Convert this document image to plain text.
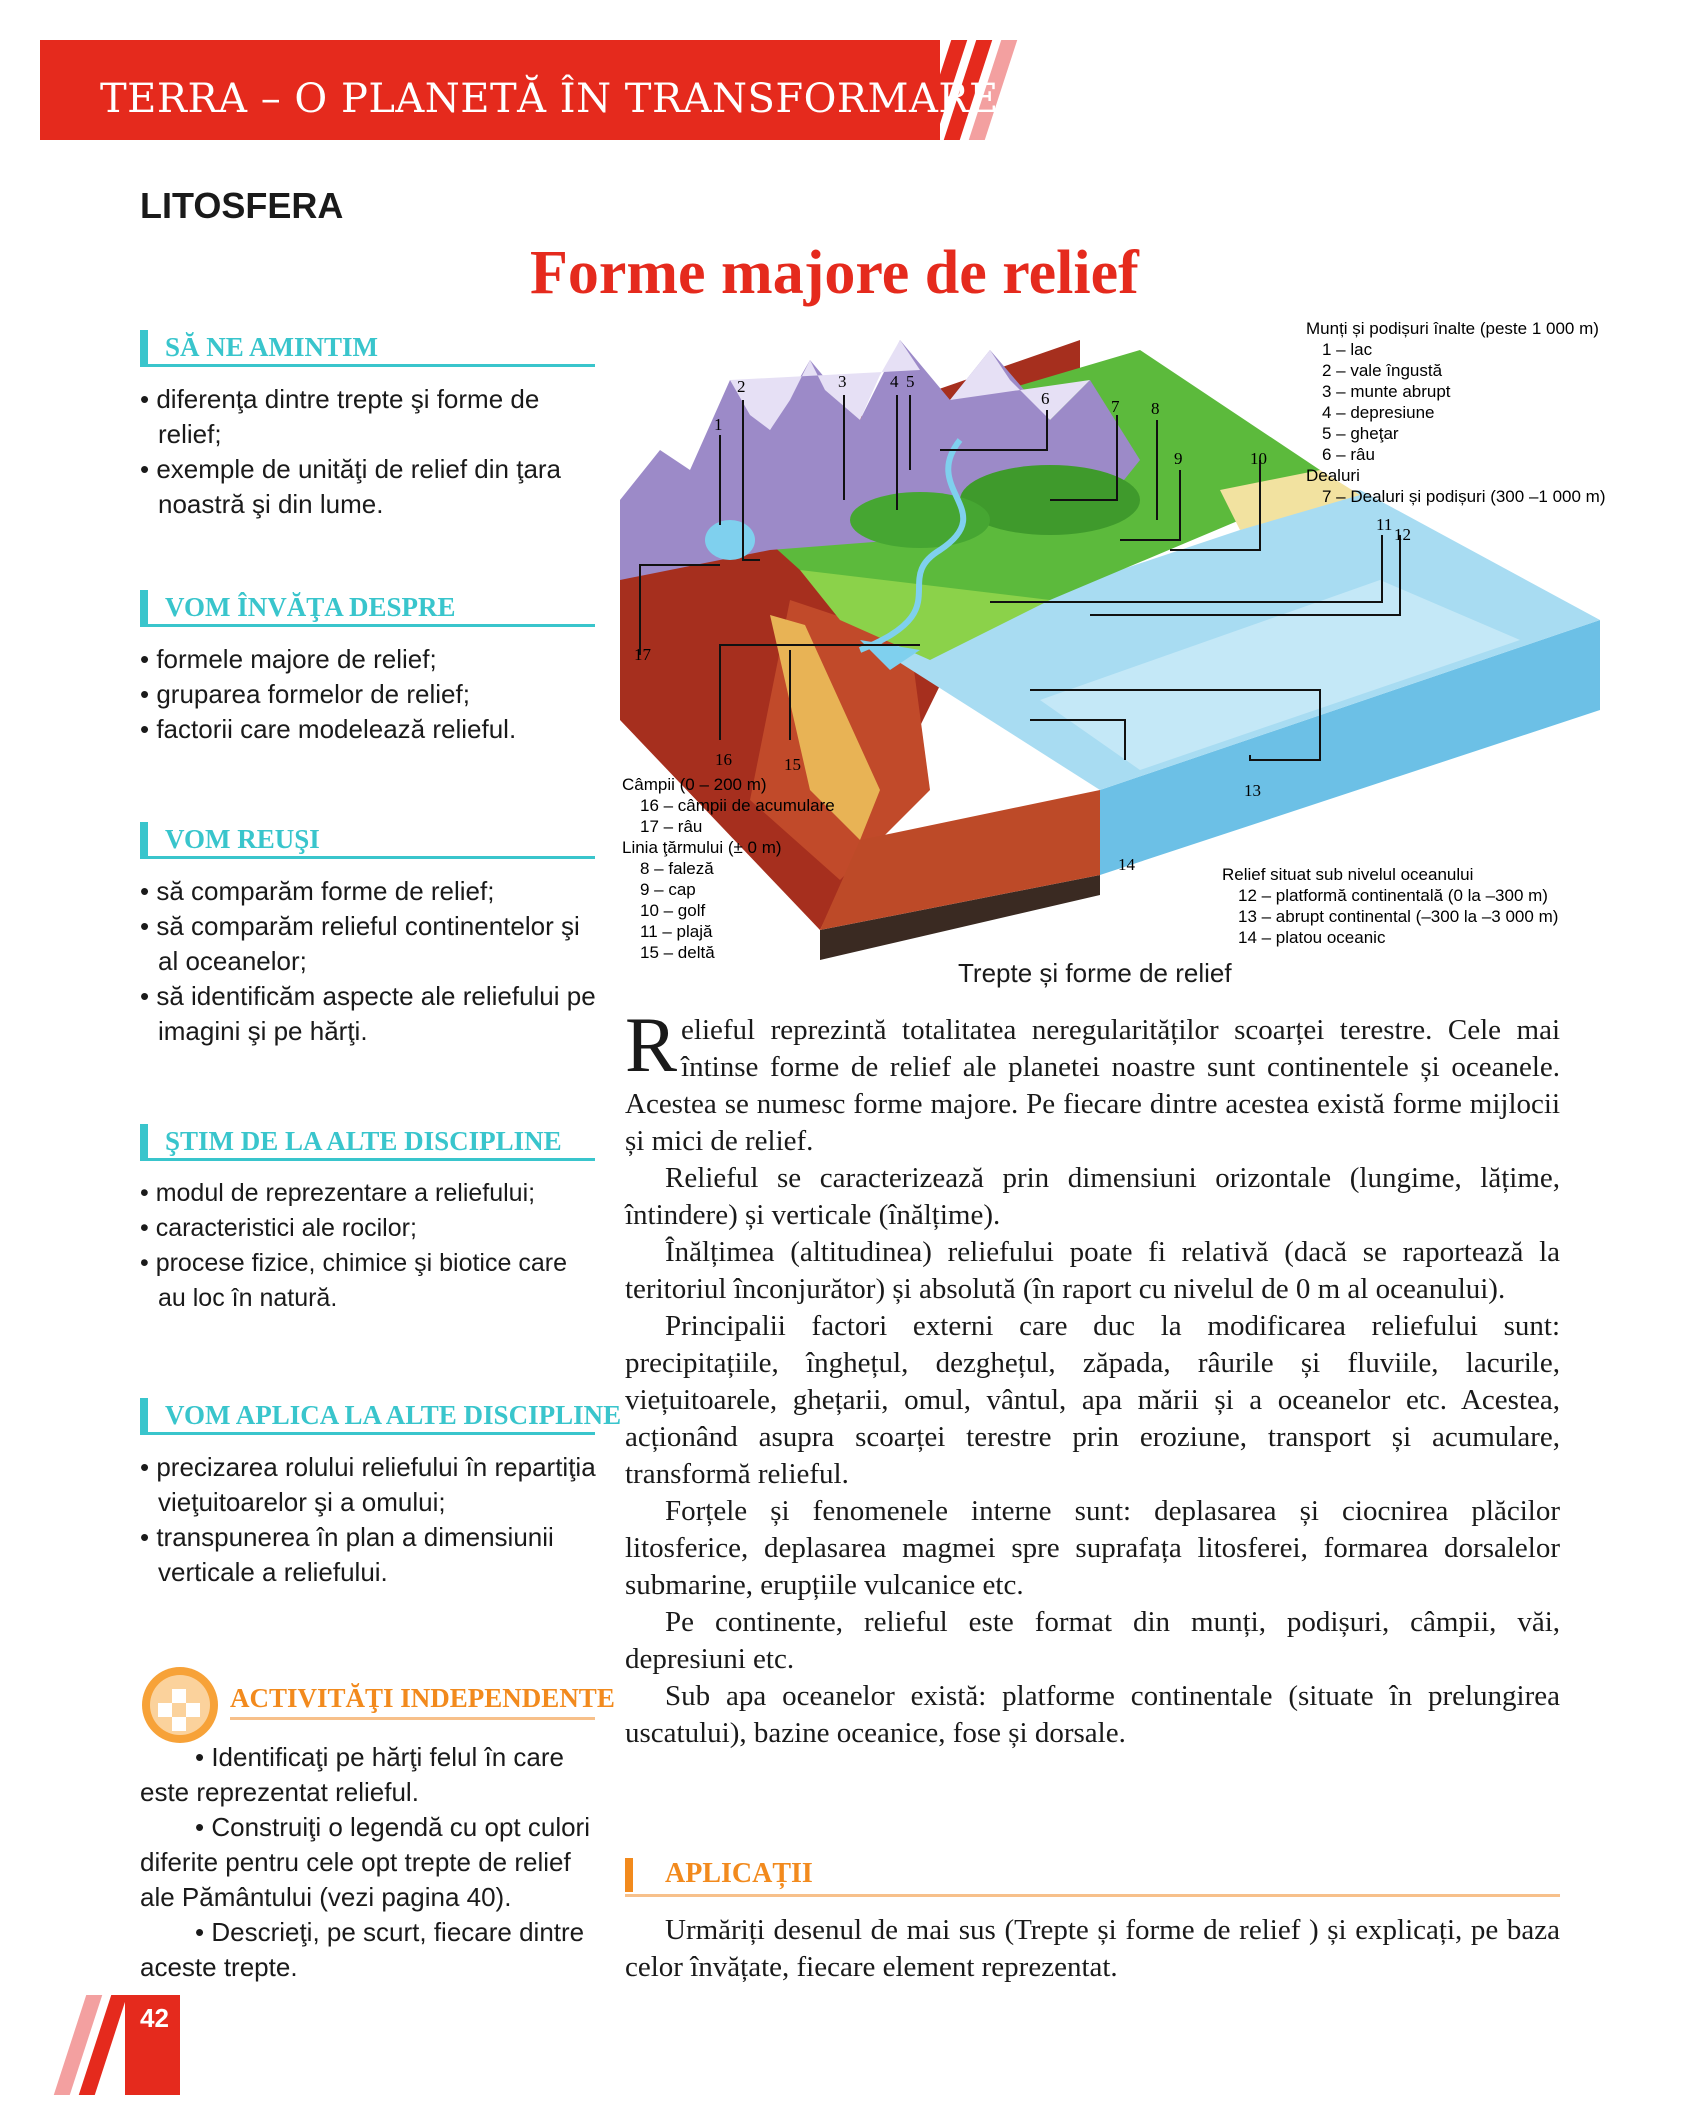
TERRA – O PLANETĂ ÎN TRANSFORMARE
LITOSFERA
Forme majore de relief
SĂ NE AMINTIM
• diferenţa dintre trepte şi forme de relief;
• exemple de unităţi de relief din ţara noastră şi din lume.
VOM ÎNVĂŢA DESPRE
• formele majore de relief;
• gruparea formelor de relief;
• factorii care modelează relieful.
VOM REUŞI
• să comparăm forme de relief;
• să comparăm relieful continentelor şi al oceanelor;
• să identificăm aspecte ale reliefului pe imagini şi pe hărţi.
ŞTIM DE LA ALTE DISCIPLINE
• modul de reprezentare a reliefului;
• caracteristici ale rocilor;
• procese fizice, chimice şi biotice care au loc în natură.
VOM APLICA LA ALTE DISCIPLINE
• precizarea rolului reliefului în repartiţia vieţuitoarelor şi a omului;
• transpunerea în plan a dimensiunii verticale a reliefului.
ACTIVITĂŢI INDEPENDENTE

• Identificaţi pe hărţi felul în care este reprezentat relieful.

• Construiţi o legendă cu opt culori diferite pentru cele opt trepte de relief ale Pământului (vezi pagina 40).

• Descrieţi, pe scurt, fiecare dintre aceste trepte.

42
1
2	3	4 5
6	7 8
9	10
11
12
13
14
15
16
17
Munți și podișuri înalte (peste 1 000 m)
1 – lac
2 – vale îngustă
3 – munte abrupt
4 – depresiune
5 – gheţar
6 – râu
Dealuri
7 – Dealuri și podișuri (300 –1 000 m)
Câmpii (0 – 200 m)
16 – câmpii de acumulare
17 – râu
Linia ţărmului (± 0 m)
8 – faleză
9 – cap
10 – golf
11 – plajă
15 – deltă
Relief situat sub nivelul oceanului
12 – platformă continentală (0 la –300 m)
13 – abrupt continental (–300 la –3 000 m)
14 – platou oceanic
Trepte și forme de relief

Relieful reprezintă totalitatea neregularităților scoarței terestre. Cele mai întinse forme de relief ale planetei noastre sunt continentele și oceanele. Acestea se numesc forme majore. Pe fiecare dintre acestea există forme mijlocii și mici de relief.

Relieful se caracterizează prin dimensiuni orizontale (lungime, lățime, întindere) și verticale (înălțime).

Înălțimea (altitudinea) reliefului poate fi relativă (dacă se raportează la teritoriul înconjurător) și absolută (în raport cu nivelul de 0 m al oceanului).

Principalii factori externi care duc la modificarea reliefului sunt: precipitațiile, înghețul, dezghețul, zăpada, râurile și fluviile, lacurile, viețuitoarele, ghețarii, omul, vântul, apa mării și a oceanelor etc. Acestea, acționând asupra scoarței terestre prin eroziune, transport și acumulare, transformă relieful.

Forțele și fenomenele interne sunt: deplasarea și ciocnirea plăcilor litosferice, deplasarea magmei spre suprafața litosferei, formarea dorsalelor submarine, erupțiile vulcanice etc.

Pe continente, relieful este format din munți, podișuri, câmpii, văi, depresiuni etc.

Sub apa oceanelor există: platforme continentale (situate în prelungirea uscatului), bazine oceanice, fose și dorsale.

APLICAȚII

Urmăriți desenul de mai sus (Trepte și forme de relief ) și explicați, pe baza celor învățate, fiecare element reprezentat.
